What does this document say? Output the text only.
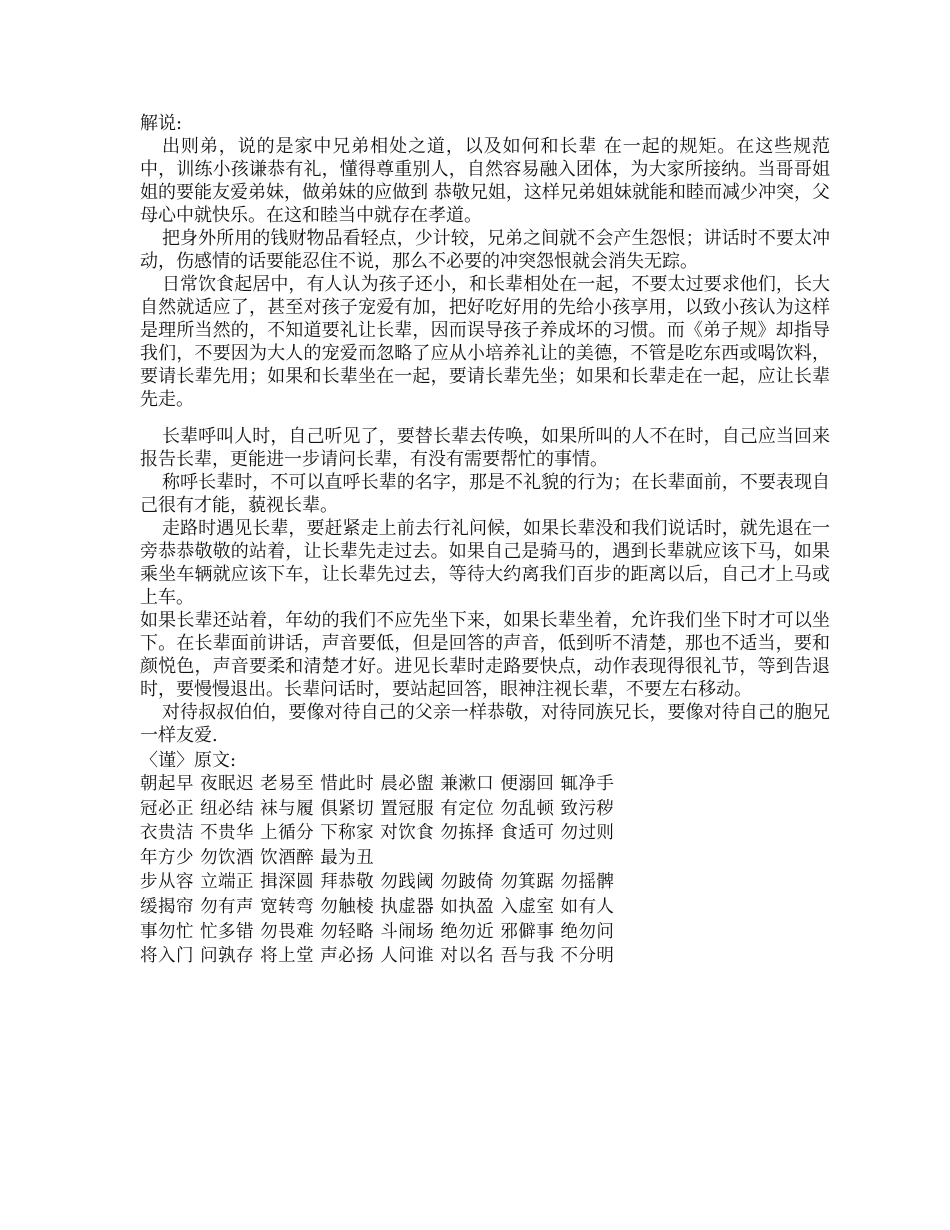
解说:

出则弟，说的是家中兄弟相处之道，以及如何和长辈 在一起的规矩。在这些规范中，训练小孩谦恭有礼，懂得尊重别人，自然容易融入团体，为大家所接纳。当哥哥姐姐的要能友爱弟妹，做弟妹的应做到 恭敬兄姐，这样兄弟姐妹就能和睦而减少冲突，父母心中就快乐。在这和睦当中就存在孝道。

把身外所用的钱财物品看轻点，少计较，兄弟之间就不会产生怨恨；讲话时不要太冲动，伤感情的话要能忍住不说，那么不必要的冲突怨恨就会消失无踪。

日常饮食起居中，有人认为孩子还小，和长辈相处在一起，不要太过要求他们，长大自然就适应了，甚至对孩子宠爱有加，把好吃好用的先给小孩享用，以致小孩认为这样是理所当然的，不知道要礼让长辈，因而误导孩子养成坏的习惯。而《弟子规》却指导我们，不要因为大人的宠爱而忽略了应从小培养礼让的美德，不管是吃东西或喝饮料，要请长辈先用；如果和长辈坐在一起，要请长辈先坐；如果和长辈走在一起，应让长辈先走。

长辈呼叫人时，自己听见了，要替长辈去传唤，如果所叫的人不在时，自己应当回来报告长辈，更能进一步请问长辈，有没有需要帮忙的事情。

称呼长辈时，不可以直呼长辈的名字，那是不礼貌的行为；在长辈面前，不要表现自己很有才能，藐视长辈。

走路时遇见长辈，要赶紧走上前去行礼问候，如果长辈没和我们说话时，就先退在一旁恭恭敬敬的站着，让长辈先走过去。如果自己是骑马的，遇到长辈就应该下马，如果乘坐车辆就应该下车，让长辈先过去，等待大约离我们百步的距离以后，自己才上马或上车。

如果长辈还站着，年幼的我们不应先坐下来，如果长辈坐着，允许我们坐下时才可以坐下。在长辈面前讲话，声音要低，但是回答的声音，低到听不清楚，那也不适当，要和颜悦色，声音要柔和清楚才好。进见长辈时走路要快点，动作表现得很礼节，等到告退时，要慢慢退出。长辈问话时，要站起回答，眼神注视长辈，不要左右移动。

对待叔叔伯伯，要像对待自己的父亲一样恭敬，对待同族兄长，要像对待自己的胞兄一样友爱.

〈谨〉原文:
朝起早 夜眠迟 老易至 惜此时 晨必盥 兼漱口 便溺回 辄净手
冠必正 纽必结 袜与履 俱紧切 置冠服 有定位 勿乱顿 致污秽
衣贵洁 不贵华 上循分 下称家 对饮食 勿拣择 食适可 勿过则
年方少 勿饮酒 饮酒醉 最为丑
步从容 立端正 揖深圆 拜恭敬 勿践阈 勿跛倚 勿箕踞 勿摇髀
缓揭帘 勿有声 宽转弯 勿触棱 执虚器 如执盈 入虚室 如有人
事勿忙 忙多错 勿畏难 勿轻略 斗闹场 绝勿近 邪僻事 绝勿问
将入门 问孰存 将上堂 声必扬 人问谁 对以名 吾与我 不分明
